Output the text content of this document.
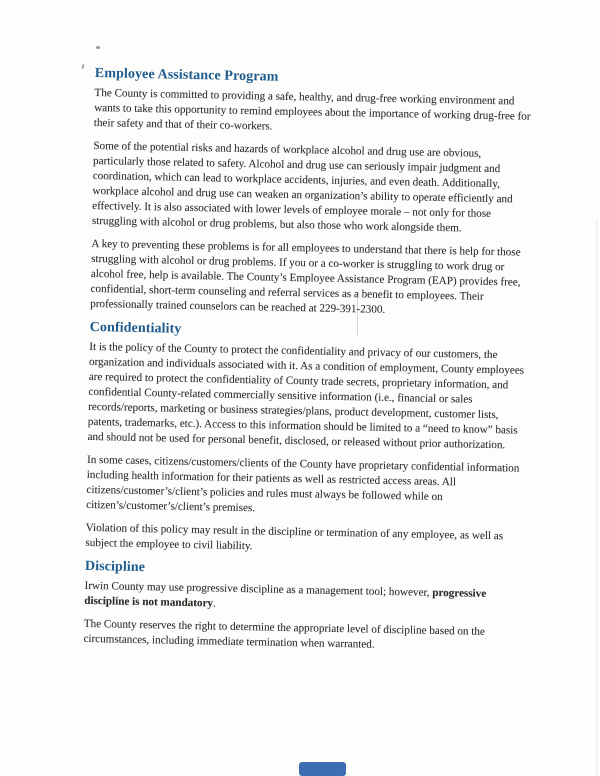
Employee Assistance Program

The County is committed to providing a safe, healthy, and drug-free working environment and wants to take this opportunity to remind employees about the importance of working drug-free for their safety and that of their co-workers.

Some of the potential risks and hazards of workplace alcohol and drug use are obvious, particularly those related to safety. Alcohol and drug use can seriously impair judgment and coordination, which can lead to workplace accidents, injuries, and even death. Additionally, workplace alcohol and drug use can weaken an organization’s ability to operate efficiently and effectively. It is also associated with lower levels of employee morale – not only for those struggling with alcohol or drug problems, but also those who work alongside them.

A key to preventing these problems is for all employees to understand that there is help for those struggling with alcohol or drug problems. If you or a co-worker is struggling to work drug or alcohol free, help is available. The County’s Employee Assistance Program (EAP) provides free, confidential, short-term counseling and referral services as a benefit to employees. Their professionally trained counselors can be reached at 229-391-2300.

Confidentiality

It is the policy of the County to protect the confidentiality and privacy of our customers, the organization and individuals associated with it. As a condition of employment, County employees are required to protect the confidentiality of County trade secrets, proprietary information, and confidential County-related commercially sensitive information (i.e., financial or sales records/reports, marketing or business strategies/plans, product development, customer lists, patents, trademarks, etc.). Access to this information should be limited to a “need to know” basis and should not be used for personal benefit, disclosed, or released without prior authorization.

In some cases, citizens/customers/clients of the County have proprietary confidential information including health information for their patients as well as restricted access areas. All citizens/customer’s/client’s policies and rules must always be followed while on citizen’s/customer’s/client’s premises.

Violation of this policy may result in the discipline or termination of any employee, as well as subject the employee to civil liability.

Discipline

Irwin County may use progressive discipline as a management tool; however, progressive discipline is not mandatory.

The County reserves the right to determine the appropriate level of discipline based on the circumstances, including immediate termination when warranted.
